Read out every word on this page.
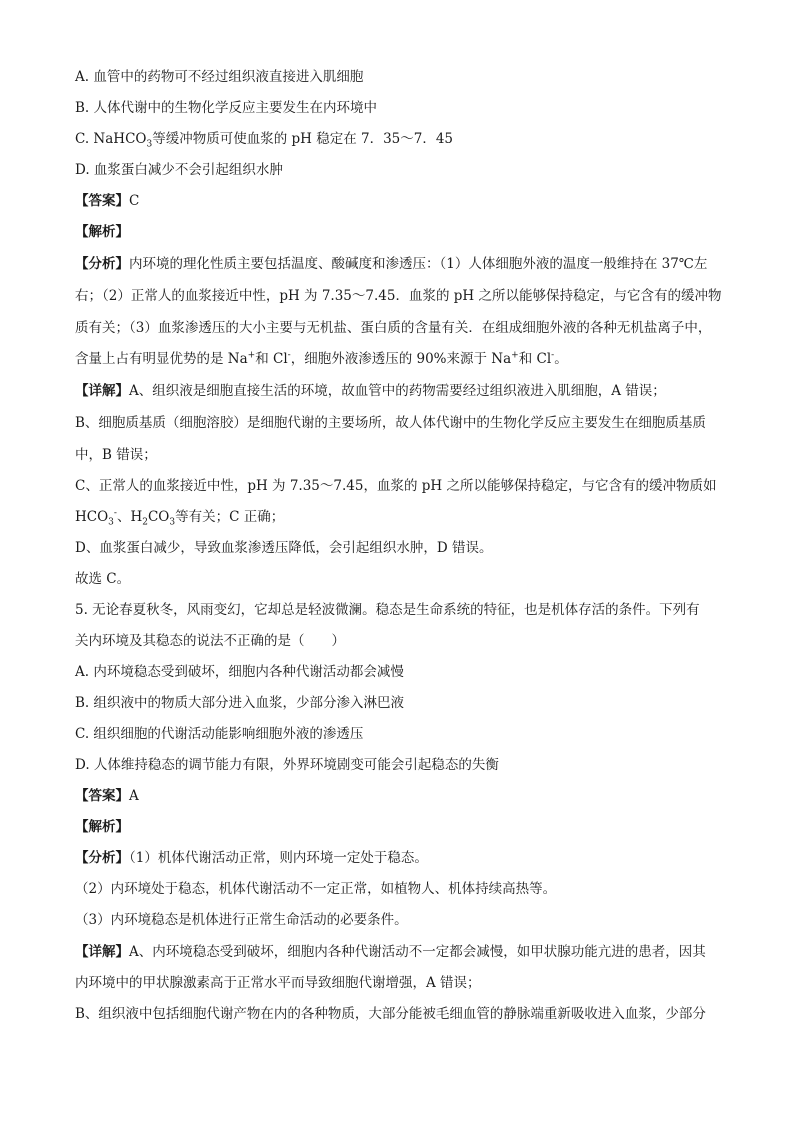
A. 血管中的药物可不经过组织液直接进入肌细胞
B. 人体代谢中的生物化学反应主要发生在内环境中
C. NaHCO$_3$等缓冲物质可使血浆的 pH 稳定在 7．35～7．45
D. 血浆蛋白减少不会引起组织水肿
【答案】C
【解析】
【分析】内环境的理化性质主要包括温度、酸碱度和渗透压：（1）人体细胞外液的温度一般维持在 37℃左
右；（2）正常人的血浆接近中性，pH 为 7.35～7.45．血浆的 pH 之所以能够保持稳定，与它含有的缓冲物
质有关；（3）血浆渗透压的大小主要与无机盐、蛋白质的含量有关．在组成细胞外液的各种无机盐离子中，
含量上占有明显优势的是 Na+和 Cl-，细胞外液渗透压的 90%来源于 Na+和 Cl-。
【详解】A、组织液是细胞直接生活的环境，故血管中的药物需要经过组织液进入肌细胞，A 错误；
B、细胞质基质（细胞溶胶）是细胞代谢的主要场所，故人体代谢中的生物化学反应主要发生在细胞质基质
中，B 错误；
C、正常人的血浆接近中性，pH 为 7.35～7.45，血浆的 pH 之所以能够保持稳定，与它含有的缓冲物质如
$HCO_3^-$、$H_2CO_3$等有关；C 正确；
D、血浆蛋白减少，导致血浆渗透压降低，会引起组织水肿，D 错误。
故选 C。
5. 无论春夏秋冬，风雨变幻，它却总是轻波微澜。稳态是生命系统的特征，也是机体存活的条件。下列有
关内环境及其稳态的说法不正确的是（　　）
A. 内环境稳态受到破坏，细胞内各种代谢活动都会减慢
B. 组织液中的物质大部分进入血浆，少部分渗入淋巴液
C. 组织细胞的代谢活动能影响细胞外液的渗透压
D. 人体维持稳态的调节能力有限，外界环境剧变可能会引起稳态的失衡
【答案】A
【解析】
【分析】（1）机体代谢活动正常，则内环境一定处于稳态。
（2）内环境处于稳态，机体代谢活动不一定正常，如植物人、机体持续高热等。
（3）内环境稳态是机体进行正常生命活动的必要条件。
【详解】A、内环境稳态受到破坏，细胞内各种代谢活动不一定都会减慢，如甲状腺功能亢进的患者，因其
内环境中的甲状腺激素高于正常水平而导致细胞代谢增强，A 错误；
B、组织液中包括细胞代谢产物在内的各种物质，大部分能被毛细血管的静脉端重新吸收进入血浆，少部分
